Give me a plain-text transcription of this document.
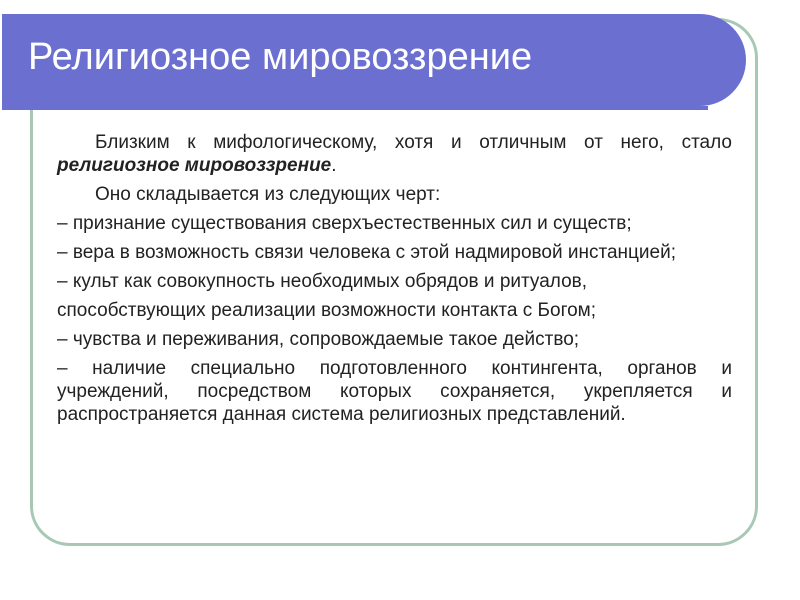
Религиозное мировоззрение

Близким к мифологическому, хотя и отличным от него, стало религиозное мировоззрение.

Оно складывается из следующих черт:

– признание существования сверхъестественных сил и существ;

– вера в возможность связи человека с этой надмировой инстанцией;

– культ как совокупность необходимых обрядов и ритуалов,

способствующих реализации возможности контакта с Богом;

– чувства и переживания, сопровождаемые такое действо;

– наличие специально подготовленного контингента, органов и учреждений, посредством которых сохраняется, укрепляется и распространяется данная система религиозных представлений.
